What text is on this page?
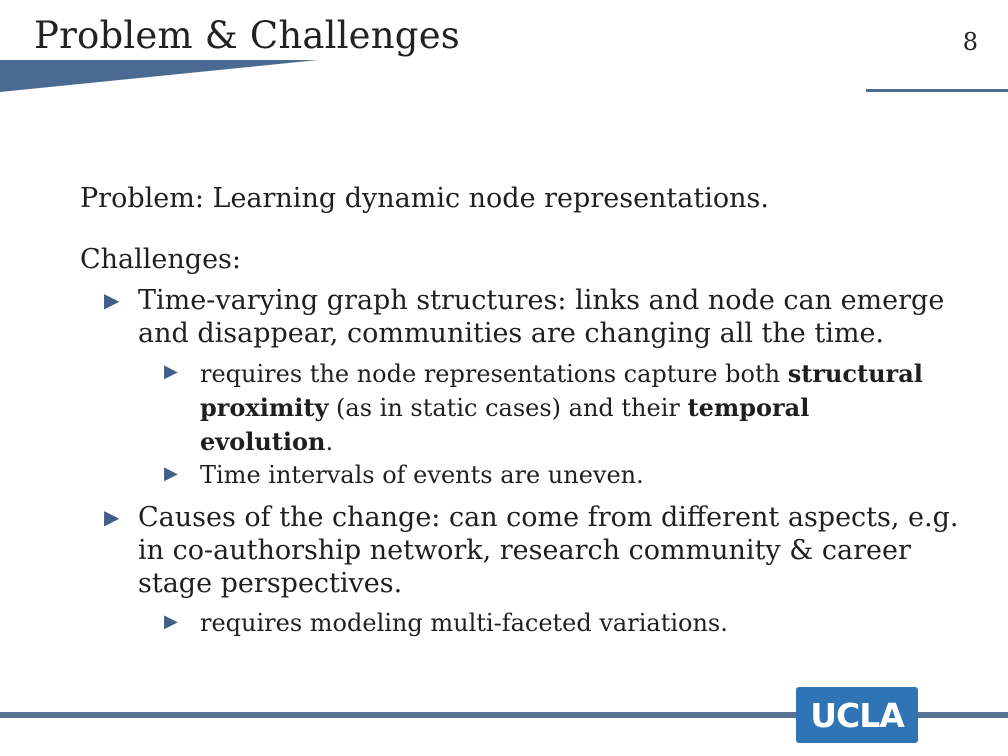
Problem & Challenges	8

Problem: Learning dynamic node representations.

Challenges:

▶ Time-varying graph structures: links and node can emerge
and disappear, communities are changing all the time.
▶ requires the node representations capture both structural
proximity (as in static cases) and their temporal
evolution.
▶ Time intervals of events are uneven.
▶ Causes of the change: can come from different aspects, e.g.
in co-authorship network, research community & career
stage perspectives.
▶ requires modeling multi-faceted variations.
UCLA
